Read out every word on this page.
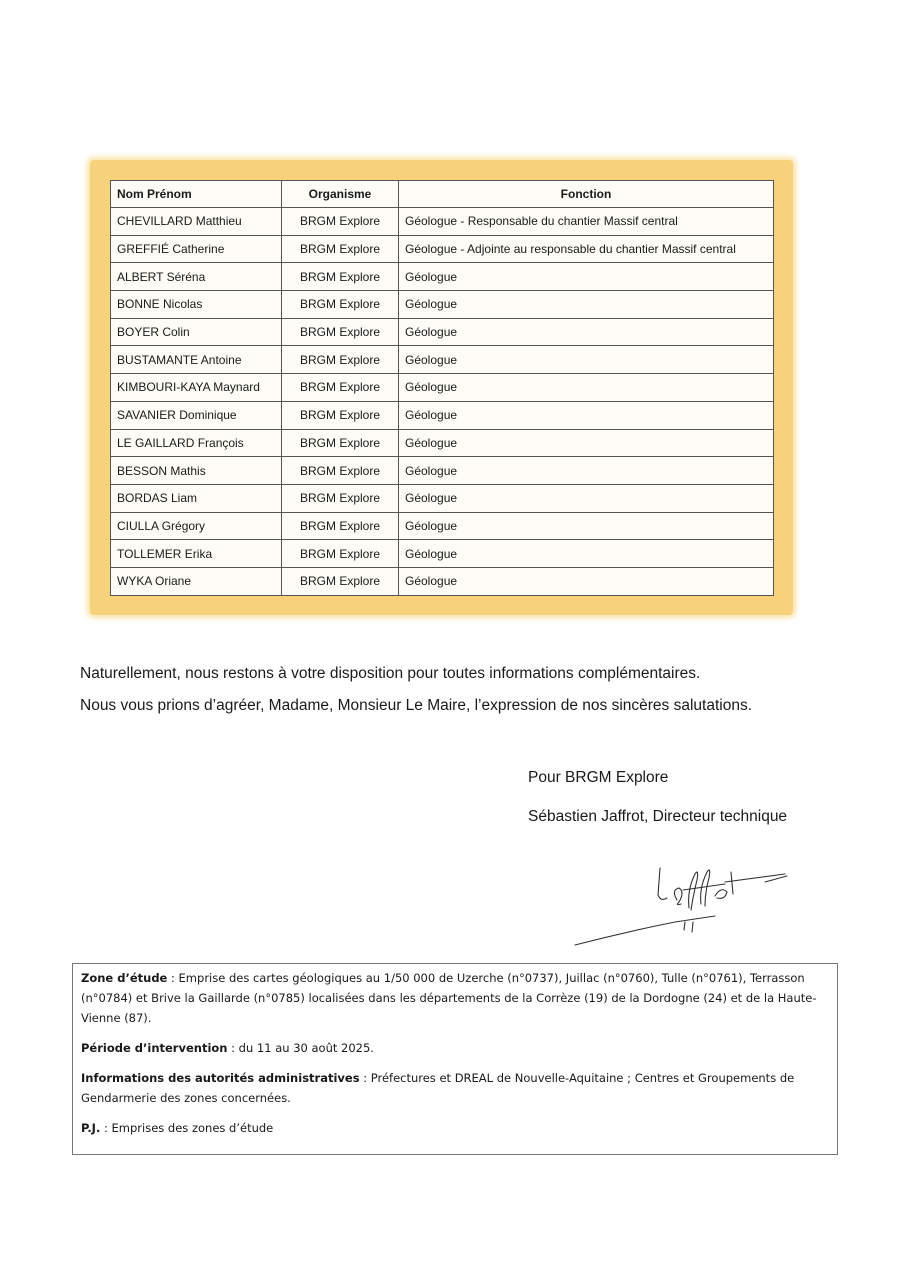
Nom Prénom	Organisme	Fonction
CHEVILLARD Matthieu	BRGM Explore	Géologue - Responsable du chantier Massif central
GREFFIÉ Catherine	BRGM Explore	Géologue - Adjointe au responsable du chantier Massif central
ALBERT Séréna	BRGM Explore	Géologue
BONNE Nicolas	BRGM Explore	Géologue
BOYER Colin	BRGM Explore	Géologue
BUSTAMANTE Antoine	BRGM Explore	Géologue
KIMBOURI-KAYA Maynard	BRGM Explore	Géologue
SAVANIER Dominique	BRGM Explore	Géologue
LE GAILLARD François	BRGM Explore	Géologue
BESSON Mathis	BRGM Explore	Géologue
BORDAS Liam	BRGM Explore	Géologue
CIULLA Grégory	BRGM Explore	Géologue
TOLLEMER Erika	BRGM Explore	Géologue
WYKA Oriane	BRGM Explore	Géologue

Naturellement, nous restons à votre disposition pour toutes informations complémentaires.

Nous vous prions d’agréer, Madame, Monsieur Le Maire, l’expression de nos sincères salutations.

Pour BRGM Explore

Sébastien Jaffrot, Directeur technique

Zone d’étude : Emprise des cartes géologiques au 1/50 000 de Uzerche (n°0737), Juillac (n°0760), Tulle (n°0761), Terrasson (n°0784) et Brive la Gaillarde (n°0785) localisées dans les départements de la Corrèze (19) de la Dordogne (24) et de la Haute-Vienne (87).

Période d’intervention : du 11 au 30 août 2025.

Informations des autorités administratives : Préfectures et DREAL de Nouvelle-Aquitaine ; Centres et Groupements de Gendarmerie des zones concernées.

P.J. : Emprises des zones d’étude
